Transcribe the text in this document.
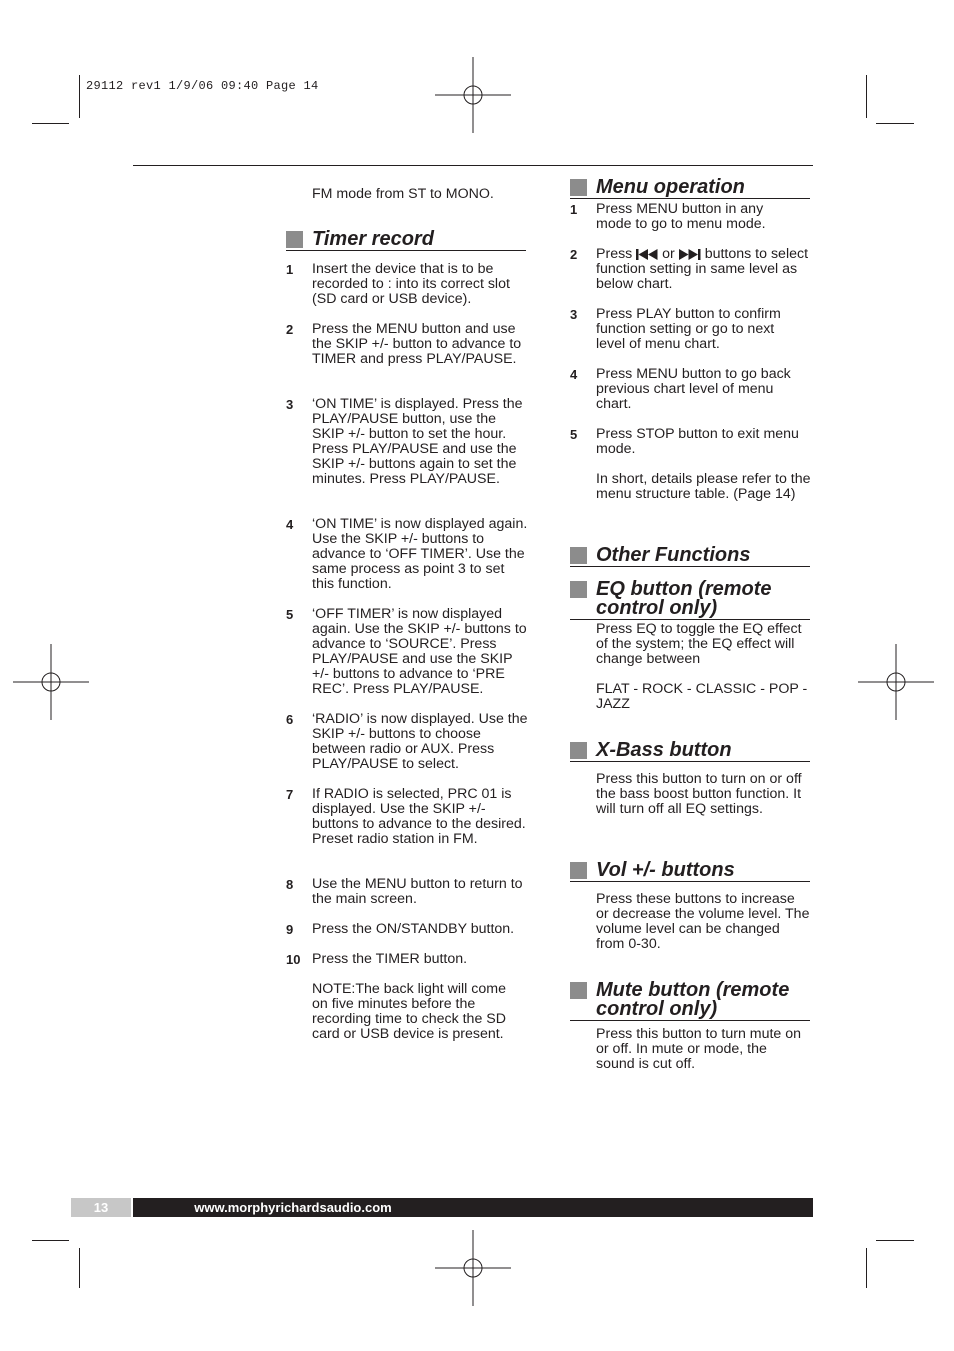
29112 rev1 1/9/06 09:40 Page 14
FM mode from ST to MONO.
Timer record
1 Insert the device that is to be recorded to : into its correct slot (SD card or USB device).
2 Press the MENU button and use the SKIP +/- button to advance to TIMER and press PLAY/PAUSE.
3 ‘ON TIME’ is displayed. Press the PLAY/PAUSE button, use the SKIP +/- button to set the hour. Press PLAY/PAUSE and use the SKIP +/- buttons again to set the minutes. Press PLAY/PAUSE.
4 ‘ON TIME’ is now displayed again. Use the SKIP +/- buttons to advance to ‘OFF TIMER’. Use the same process as point 3 to set this function.
5 ‘OFF TIMER’ is now displayed again. Use the SKIP +/- buttons to advance to ‘SOURCE’. Press PLAY/PAUSE and use the SKIP +/- buttons to advance to ‘PRE REC’. Press PLAY/PAUSE.
6 ‘RADIO’ is now displayed. Use the SKIP +/- buttons to choose between radio or AUX. Press PLAY/PAUSE to select.
7 If RADIO is selected, PRC 01 is displayed. Use the SKIP +/- buttons to advance to the desired. Preset radio station in FM.
8 Use the MENU button to return to the main screen.
9 Press the ON/STANDBY button.
10 Press the TIMER button.
NOTE:The back light will come on five minutes before the recording time to check the SD card or USB device is present.
Menu operation
1 Press MENU button in any mode to go to menu mode.
2 Press or buttons to select function setting in same level as below chart.
3 Press PLAY button to confirm function setting or go to next level of menu chart.
4 Press MENU button to go back previous chart level of menu chart.
5 Press STOP button to exit menu mode.
In short, details please refer to the menu structure table. (Page 14)
Other Functions
EQ button (remote control only)
Press EQ to toggle the EQ effect of the system; the EQ effect will change between
FLAT - ROCK - CLASSIC - POP - JAZZ
X-Bass button
Press this button to turn on or off the bass boost button function. It will turn off all EQ settings.
Vol +/- buttons
Press these buttons to increase or decrease the volume level. The volume level can be changed from 0-30.
Mute button (remote control only)
Press this button to turn mute on or off. In mute or mode, the sound is cut off.
13	www.morphyrichardsaudio.com
